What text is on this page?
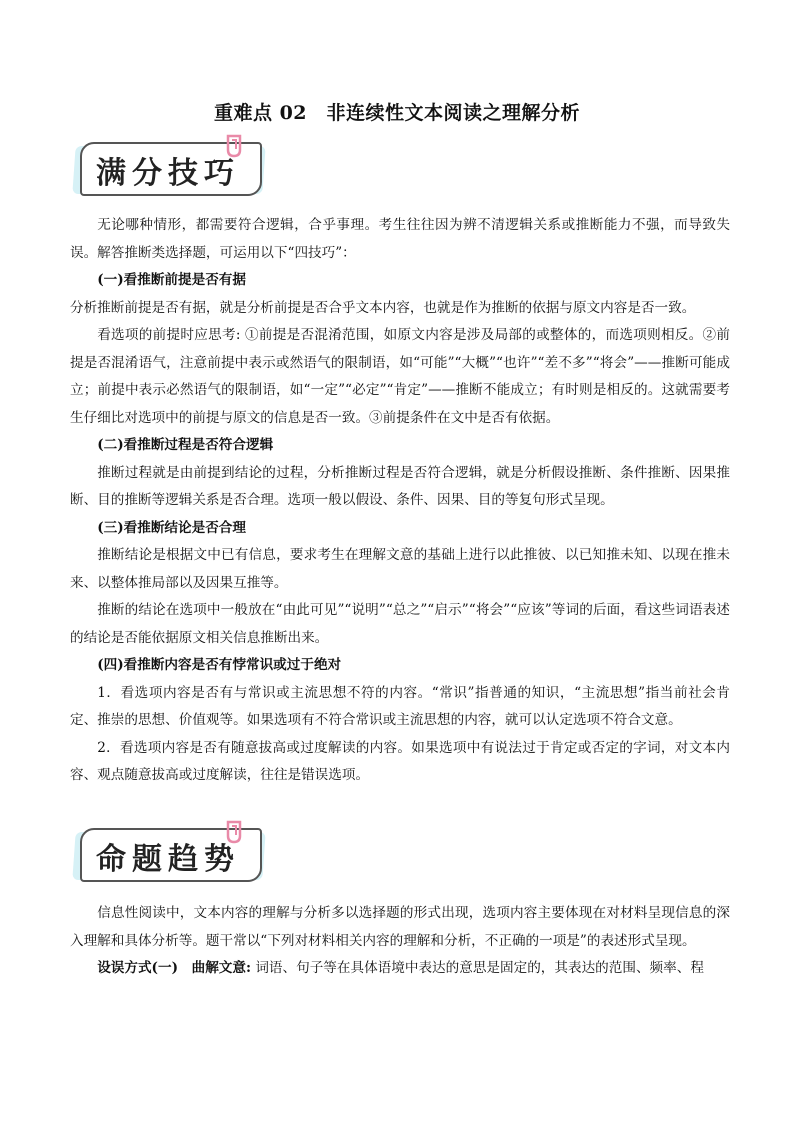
重难点 02　非连续性文本阅读之理解分析
满分技巧

无论哪种情形，都需要符合逻辑，合乎事理。考生往往因为辨不清逻辑关系或推断能力不强，而导致失误。解答推断类选择题，可运用以下“四技巧”：

(一)看推断前提是否有据

分析推断前提是否有据，就是分析前提是否合乎文本内容，也就是作为推断的依据与原文内容是否一致。

看选项的前提时应思考: ①前提是否混淆范围，如原文内容是涉及局部的或整体的，而选项则相反。②前提是否混淆语气，注意前提中表示或然语气的限制语，如“可能”“大概”“也许”“差不多”“将会”——推断可能成立；前提中表示必然语气的限制语，如“一定”“必定”“肯定”——推断不能成立；有时则是相反的。这就需要考生仔细比对选项中的前提与原文的信息是否一致。③前提条件在文中是否有依据。

(二)看推断过程是否符合逻辑

推断过程就是由前提到结论的过程，分析推断过程是否符合逻辑，就是分析假设推断、条件推断、因果推断、目的推断等逻辑关系是否合理。选项一般以假设、条件、因果、目的等复句形式呈现。

(三)看推断结论是否合理

推断结论是根据文中已有信息，要求考生在理解文意的基础上进行以此推彼、以已知推未知、以现在推未来、以整体推局部以及因果互推等。

推断的结论在选项中一般放在“由此可见”“说明”“总之”“启示”“将会”“应该”等词的后面，看这些词语表述的结论是否能依据原文相关信息推断出来。

(四)看推断内容是否有悖常识或过于绝对

1．看选项内容是否有与常识或主流思想不符的内容。“常识”指普通的知识，“主流思想”指当前社会肯定、推崇的思想、价值观等。如果选项有不符合常识或主流思想的内容，就可以认定选项不符合文意。

2．看选项内容是否有随意拔高或过度解读的内容。如果选项中有说法过于肯定或否定的字词，对文本内容、观点随意拔高或过度解读，往往是错误选项。

命题趋势

信息性阅读中，文本内容的理解与分析多以选择题的形式出现，选项内容主要体现在对材料呈现信息的深入理解和具体分析等。题干常以“下列对材料相关内容的理解和分析，不正确的一项是”的表述形式呈现。

设误方式(一)　曲解文意: 词语、句子等在具体语境中表达的意思是固定的，其表达的范围、频率、程
